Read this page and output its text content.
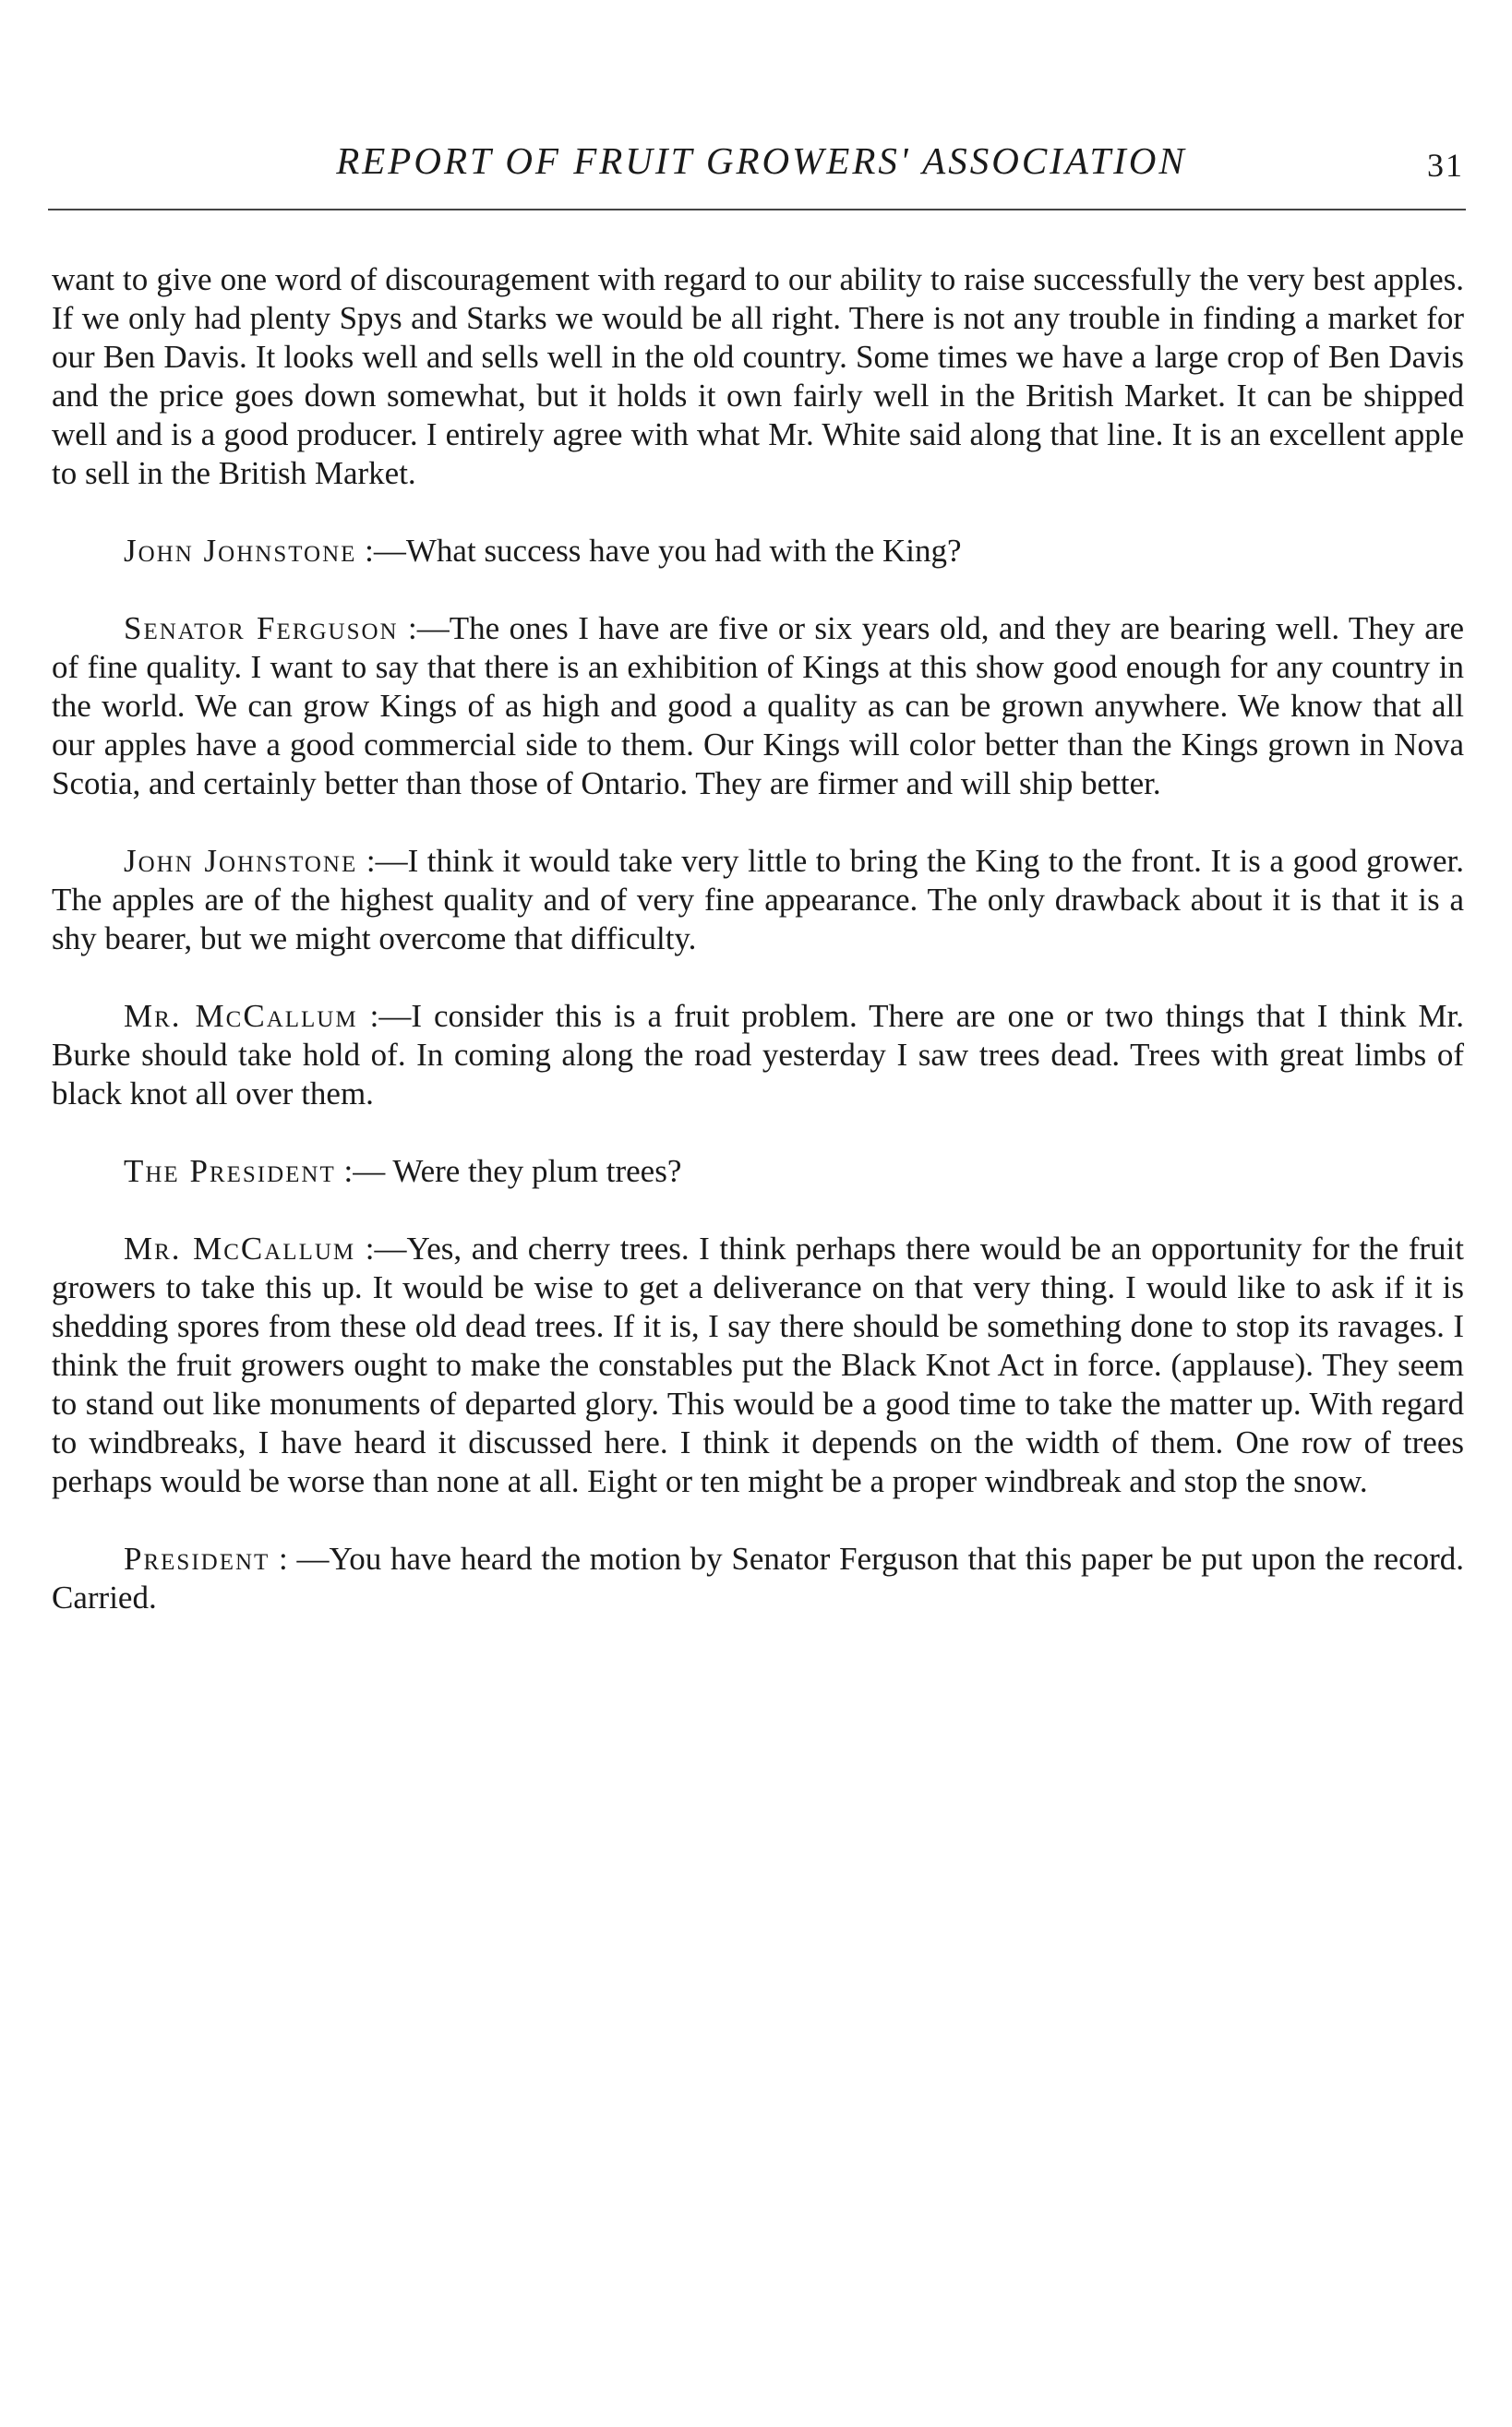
REPORT OF FRUIT GROWERS' ASSOCIATION	31

want to give one word of discouragement with regard to our ability to raise successfully the very best apples. If we only had plenty Spys and Starks we would be all right. There is not any trouble in finding a market for our Ben Davis. It looks well and sells well in the old country. Some times we have a large crop of Ben Davis and the price goes down somewhat, but it holds it own fairly well in the British Market. It can be shipped well and is a good producer. I entirely agree with what Mr. White said along that line. It is an excellent apple to sell in the British Market.

John Johnstone :—What success have you had with the King?

Senator Ferguson :—The ones I have are five or six years old, and they are bearing well. They are of fine quality. I want to say that there is an exhibition of Kings at this show good enough for any country in the world. We can grow Kings of as high and good a quality as can be grown anywhere. We know that all our apples have a good commercial side to them. Our Kings will color better than the Kings grown in Nova Scotia, and certainly better than those of Ontario. They are firmer and will ship better.

John Johnstone :—I think it would take very little to bring the King to the front. It is a good grower. The apples are of the highest quality and of very fine appearance. The only drawback about it is that it is a shy bearer, but we might overcome that difficulty.

Mr. McCallum :—I consider this is a fruit problem. There are one or two things that I think Mr. Burke should take hold of. In coming along the road yesterday I saw trees dead. Trees with great limbs of black knot all over them.

The President :— Were they plum trees?

Mr. McCallum :—Yes, and cherry trees. I think perhaps there would be an opportunity for the fruit growers to take this up. It would be wise to get a deliverance on that very thing. I would like to ask if it is shedding spores from these old dead trees. If it is, I say there should be something done to stop its ravages. I think the fruit growers ought to make the constables put the Black Knot Act in force. (applause). They seem to stand out like monuments of departed glory. This would be a good time to take the matter up. With regard to windbreaks, I have heard it discussed here. I think it depends on the width of them. One row of trees perhaps would be worse than none at all. Eight or ten might be a proper windbreak and stop the snow.

President : —You have heard the motion by Senator Ferguson that this paper be put upon the record. Carried.
